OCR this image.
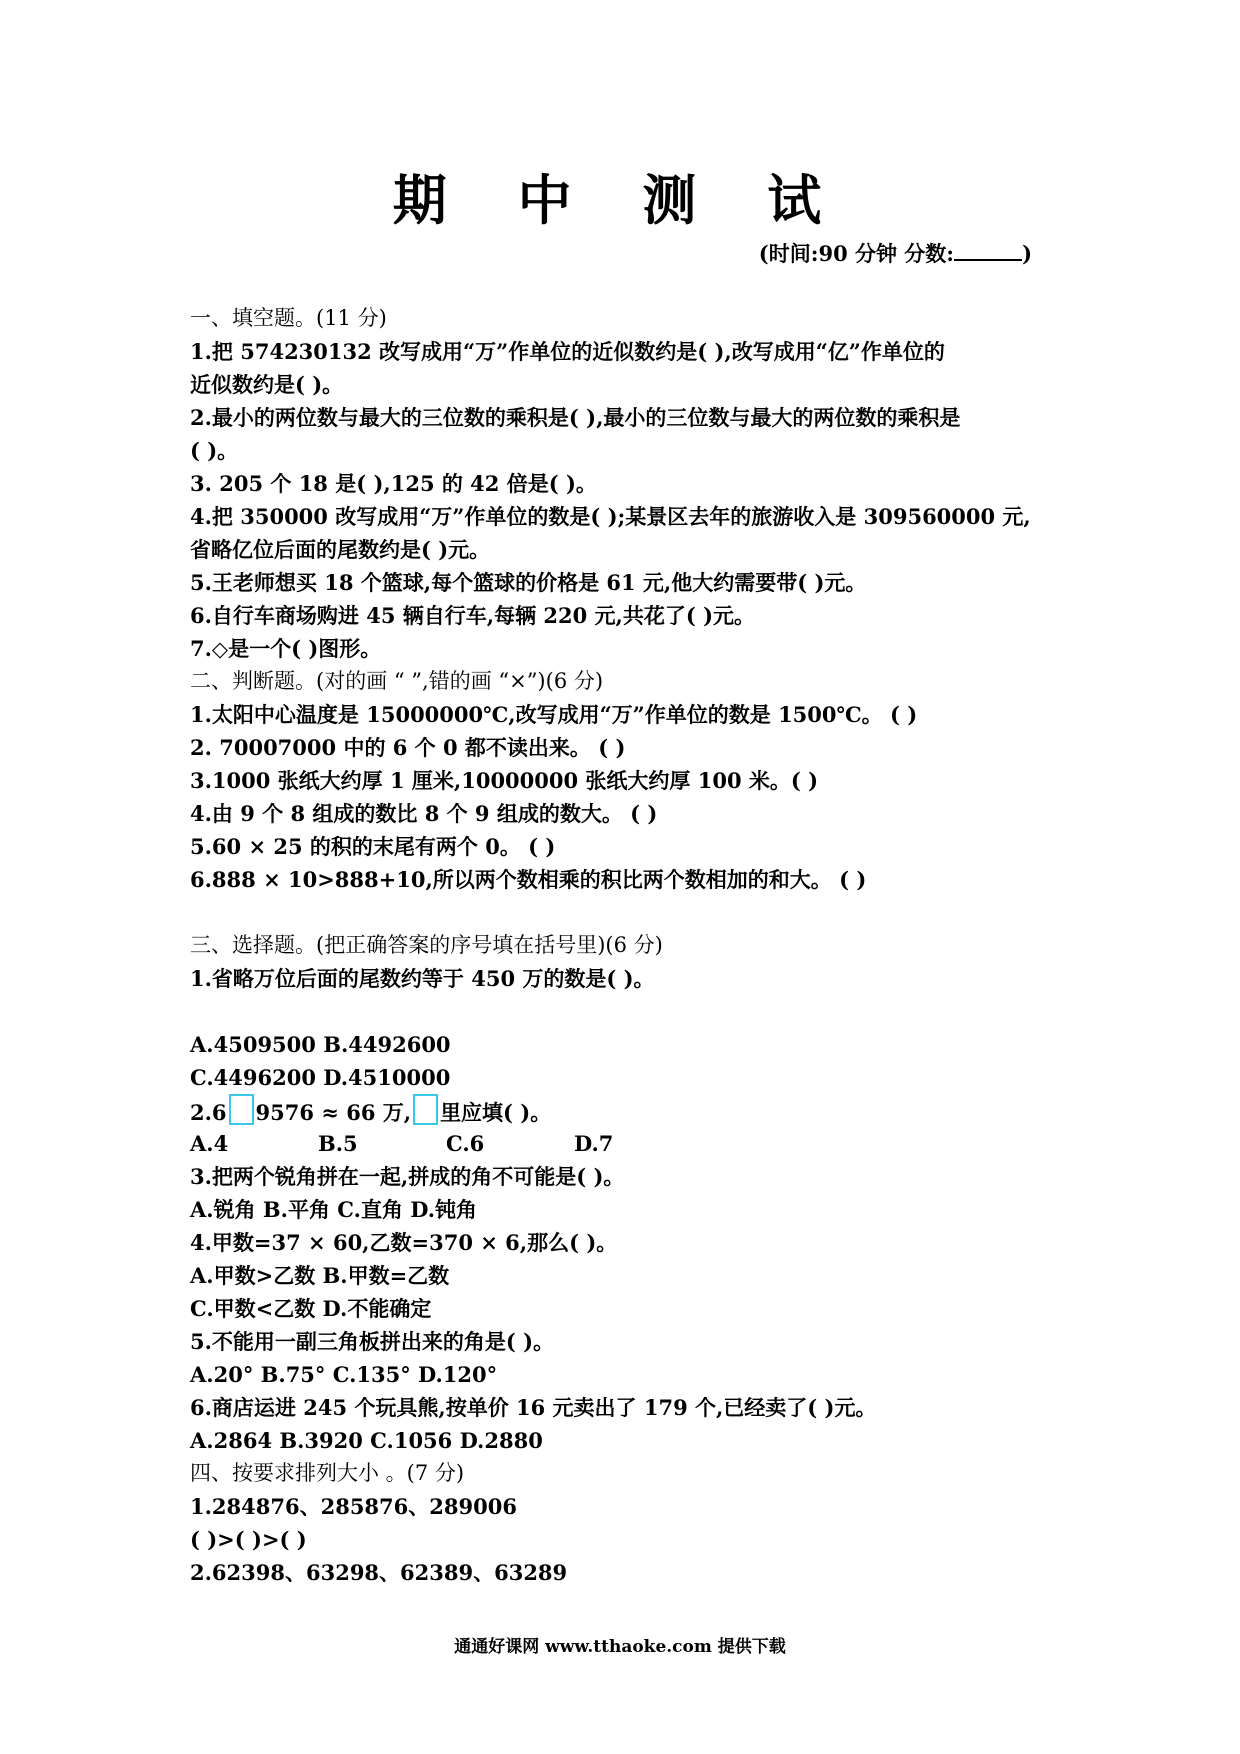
期 中 测 试
(时间:90 分钟 分数:	)
一、填空题。(11 分)
1.把 574230132 改写成用“万”作单位的近似数约是( ),改写成用“亿”作单位的
近似数约是( )。
2.最小的两位数与最大的三位数的乘积是( ),最小的三位数与最大的两位数的乘积是
( )。
3. 205 个 18 是( ),125 的 42 倍是( )。
4.把 350000 改写成用“万”作单位的数是( );某景区去年的旅游收入是 309560000 元,
省略亿位后面的尾数约是( )元。
5.王老师想买 18 个篮球,每个篮球的价格是 61 元,他大约需要带( )元。
6.自行车商场购进 45 辆自行车,每辆 220 元,共花了( )元。
7.◇是一个( )图形。
二、判断题。(对的画 “ ”,错的画 “×”)(6 分)
1.太阳中心温度是 15000000℃,改写成用“万”作单位的数是 1500℃。 ( )
2. 70007000 中的 6 个 0 都不读出来。 ( )
3.1000 张纸大约厚 1 厘米,10000000 张纸大约厚 100 米。( )
4.由 9 个 8 组成的数比 8 个 9 组成的数大。 ( )
5.60 × 25 的积的末尾有两个 0。 ( )
6.888 × 10>888+10,所以两个数相乘的积比两个数相加的和大。 ( )
三、选择题。(把正确答案的序号填在括号里)(6 分)
1.省略万位后面的尾数约等于 450 万的数是( )。
A.4509500 B.4492600
C.4496200 D.4510000
2.6 9576 ≈ 66 万, 里应填( )。
A.4	B.5	C.6	D.7
3.把两个锐角拼在一起,拼成的角不可能是( )。
A.锐角 B.平角 C.直角 D.钝角
4.甲数=37 × 60,乙数=370 × 6,那么( )。
A.甲数>乙数 B.甲数=乙数
C.甲数<乙数 D.不能确定
5.不能用一副三角板拼出来的角是( )。
A.20° B.75° C.135° D.120°
6.商店运进 245 个玩具熊,按单价 16 元卖出了 179 个,已经卖了( )元。
A.2864 B.3920 C.1056 D.2880
四、按要求排列大小 。(7 分)
1.284876、285876、289006
( )>( )>( )
2.62398、63298、62389、63289
通通好课网 www.tthaoke.com 提供下载
